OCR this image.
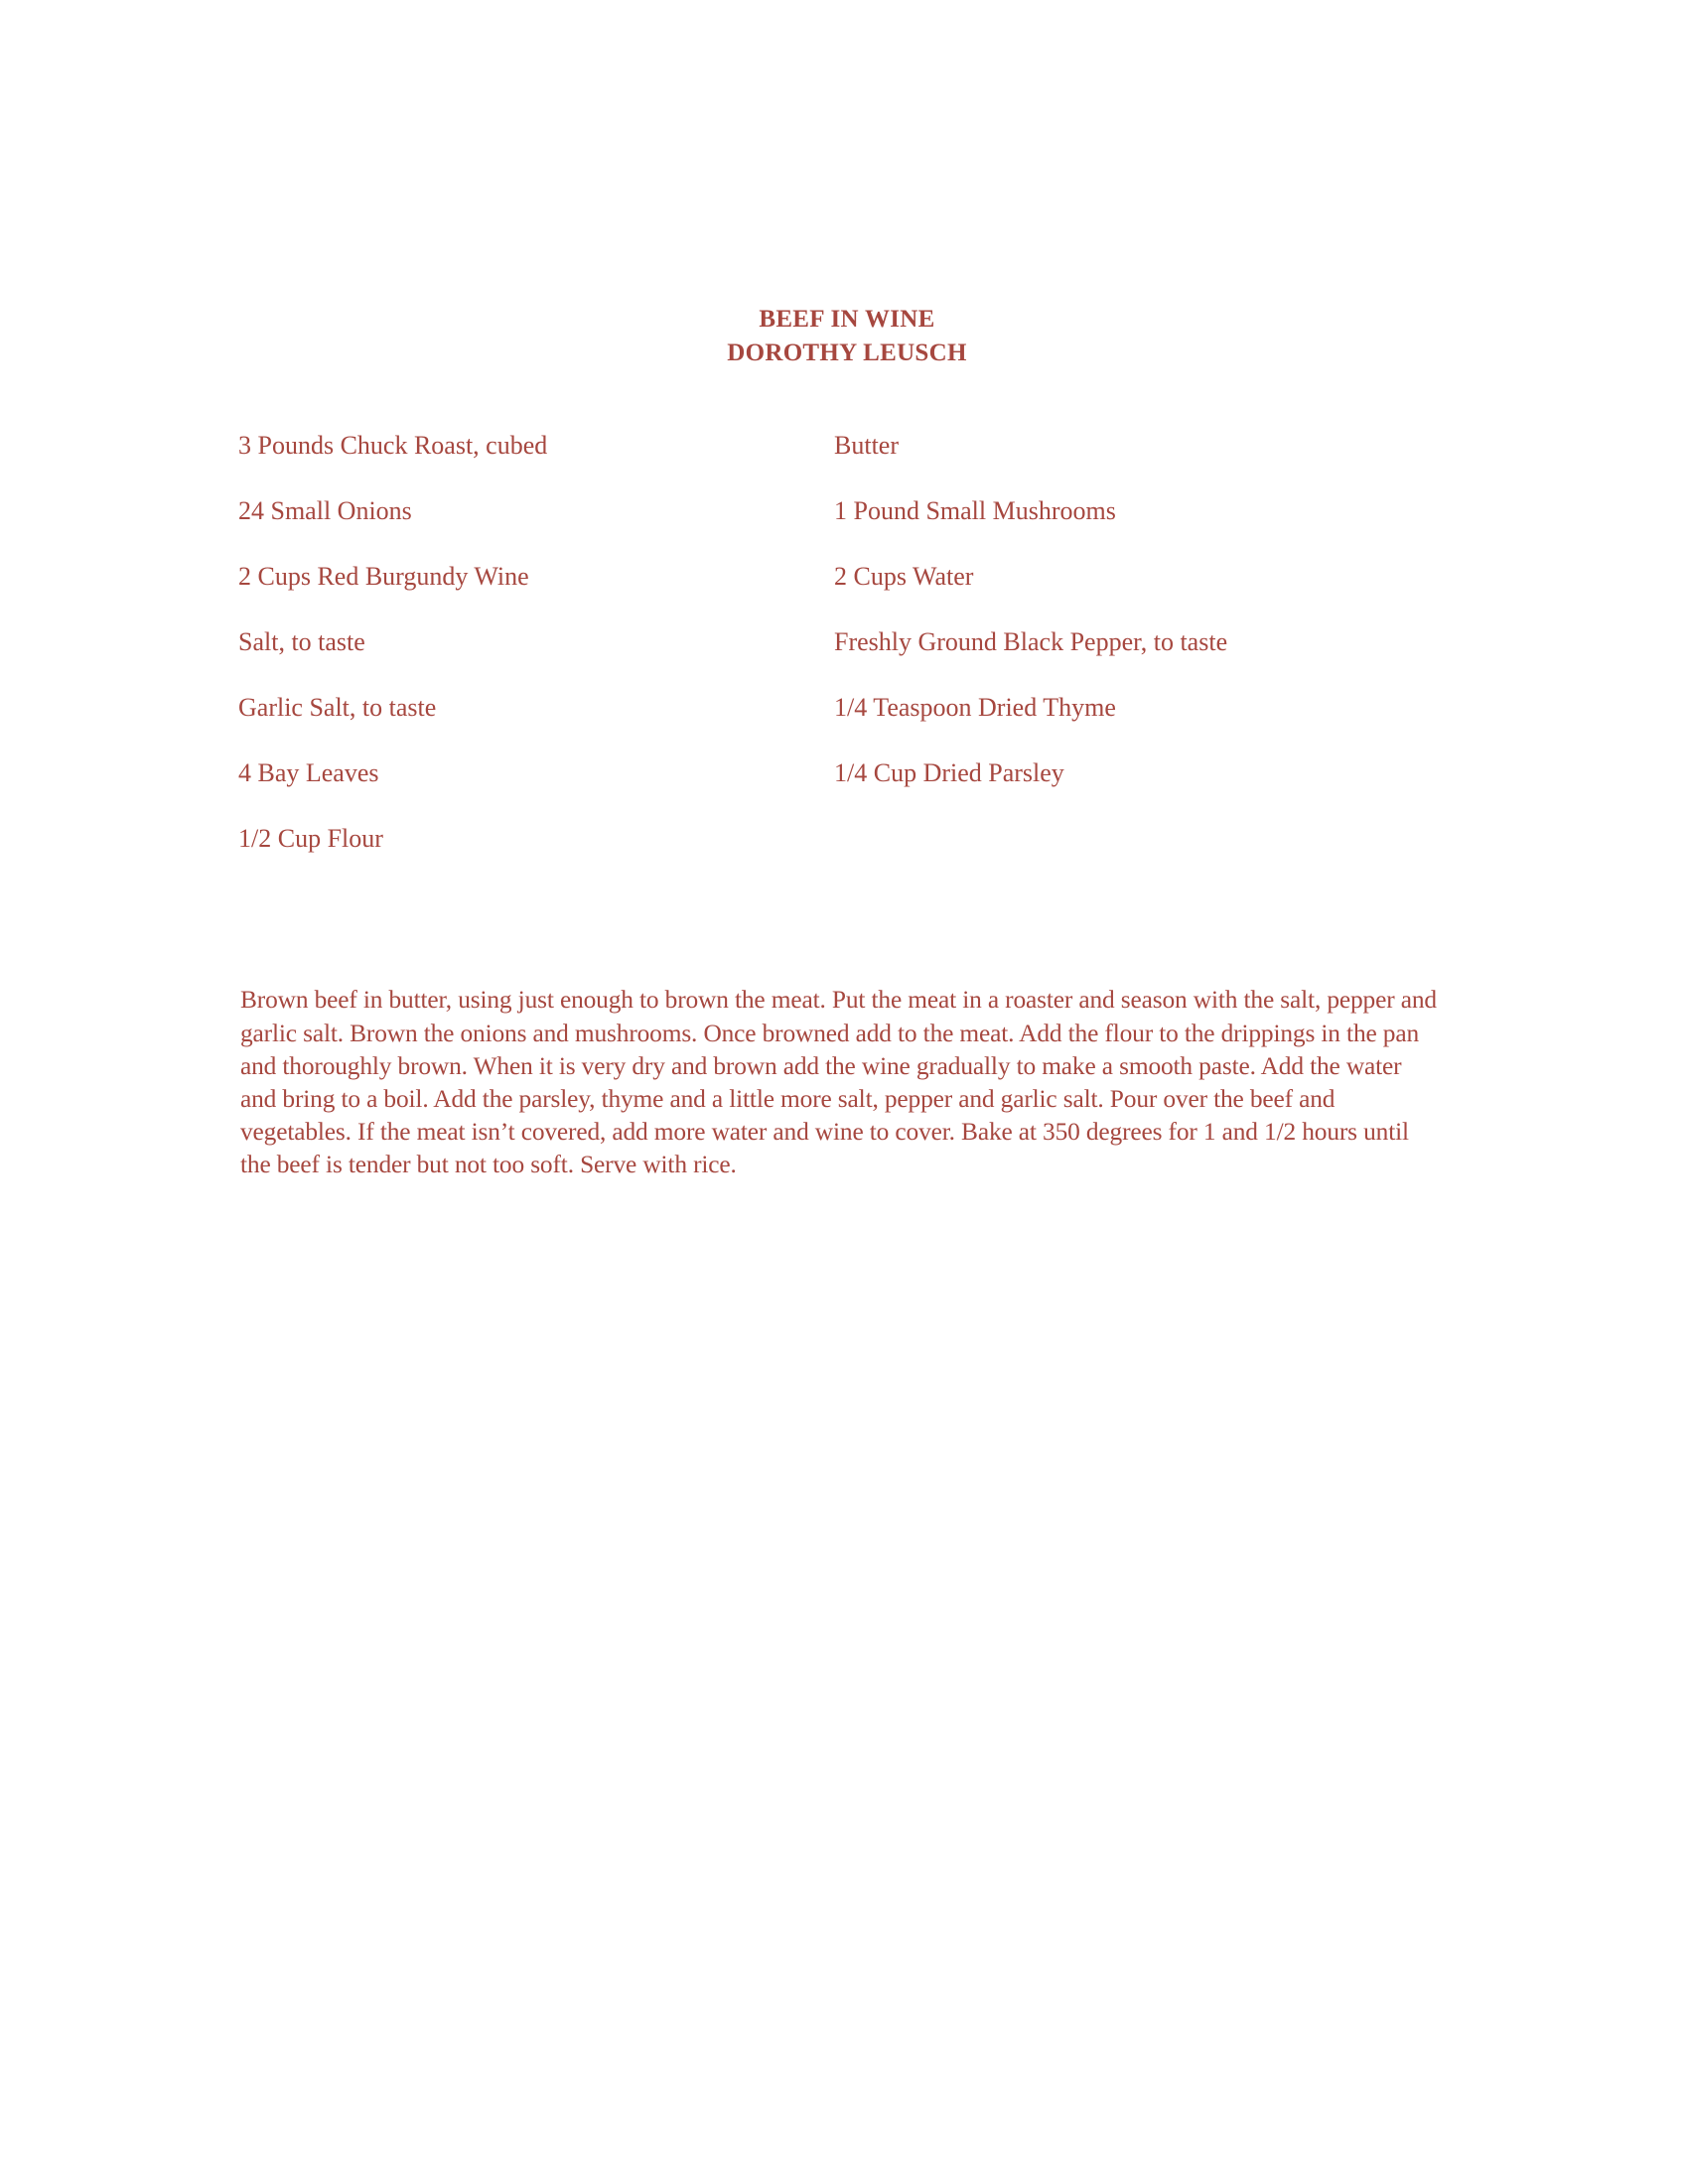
BEEF IN WINE
DOROTHY LEUSCH
3 Pounds Chuck Roast, cubed
24 Small Onions
2 Cups Red Burgundy Wine
Salt, to taste
Garlic Salt, to taste
4 Bay Leaves
1/2 Cup Flour
Butter
1 Pound Small Mushrooms
2 Cups Water
Freshly Ground Black Pepper, to taste
1/4 Teaspoon Dried Thyme
1/4 Cup Dried Parsley

Brown beef in butter, using just enough to brown the meat. Put the meat in a roaster and season with the salt, pepper and garlic salt. Brown the onions and mushrooms. Once browned add to the meat. Add the flour to the drippings in the pan and thoroughly brown. When it is very dry and brown add the wine gradually to make a smooth paste. Add the water and bring to a boil. Add the parsley, thyme and a little more salt, pepper and garlic salt. Pour over the beef and vegetables. If the meat isn’t covered, add more water and wine to cover. Bake at 350 degrees for 1 and 1/2 hours until the beef is tender but not too soft. Serve with rice.
